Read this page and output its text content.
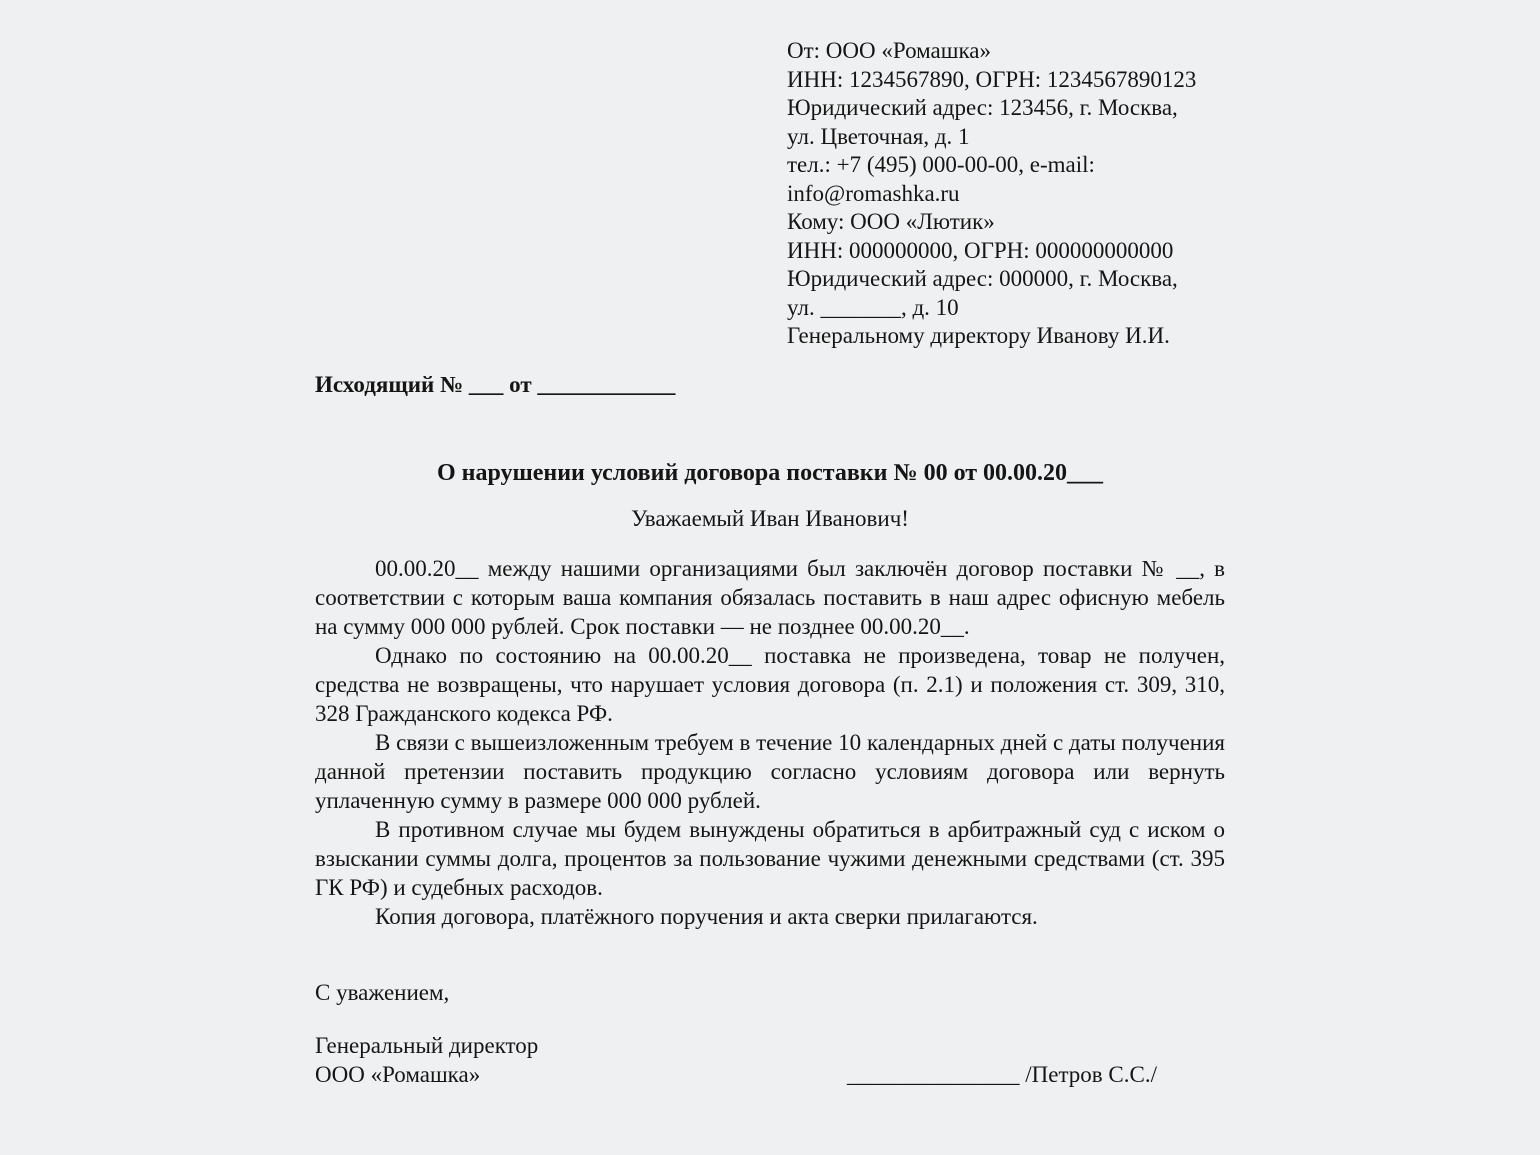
От: ООО «Ромашка»
ИНН: 1234567890, ОГРН: 1234567890123
Юридический адрес: 123456, г. Москва,
ул. Цветочная, д. 1
тел.: +7 (495) 000-00-00, e-mail:
info@romashka.ru
Кому: ООО «Лютик»
ИНН: 000000000, ОГРН: 000000000000
Юридический адрес: 000000, г. Москва,
ул. _______, д. 10
Генеральному директору Иванову И.И.
Исходящий № ___ от ____________
О нарушении условий договора поставки № 00 от 00.00.20___
Уважаемый Иван Иванович!

00.00.20__ между нашими организациями был заключён договор поставки № __, в соответствии с которым ваша компания обязалась поставить в наш адрес офисную мебель на сумму 000 000 рублей. Срок поставки — не позднее 00.00.20__.

Однако по состоянию на 00.00.20__ поставка не произведена, товар не получен, средства не возвращены, что нарушает условия договора (п. 2.1) и положения ст. 309, 310, 328 Гражданского кодекса РФ.

В связи с вышеизложенным требуем в течение 10 календарных дней с даты получения данной претензии поставить продукцию согласно условиям договора или вернуть уплаченную сумму в размере 000 000 рублей.

В противном случае мы будем вынуждены обратиться в арбитражный суд с иском о взыскании суммы долга, процентов за пользование чужими денежными средствами (ст. 395 ГК РФ) и судебных расходов.

Копия договора, платёжного поручения и акта сверки прилагаются.

С уважением,
Генеральный директор
ООО «Ромашка»	_______________ /Петров С.С./
